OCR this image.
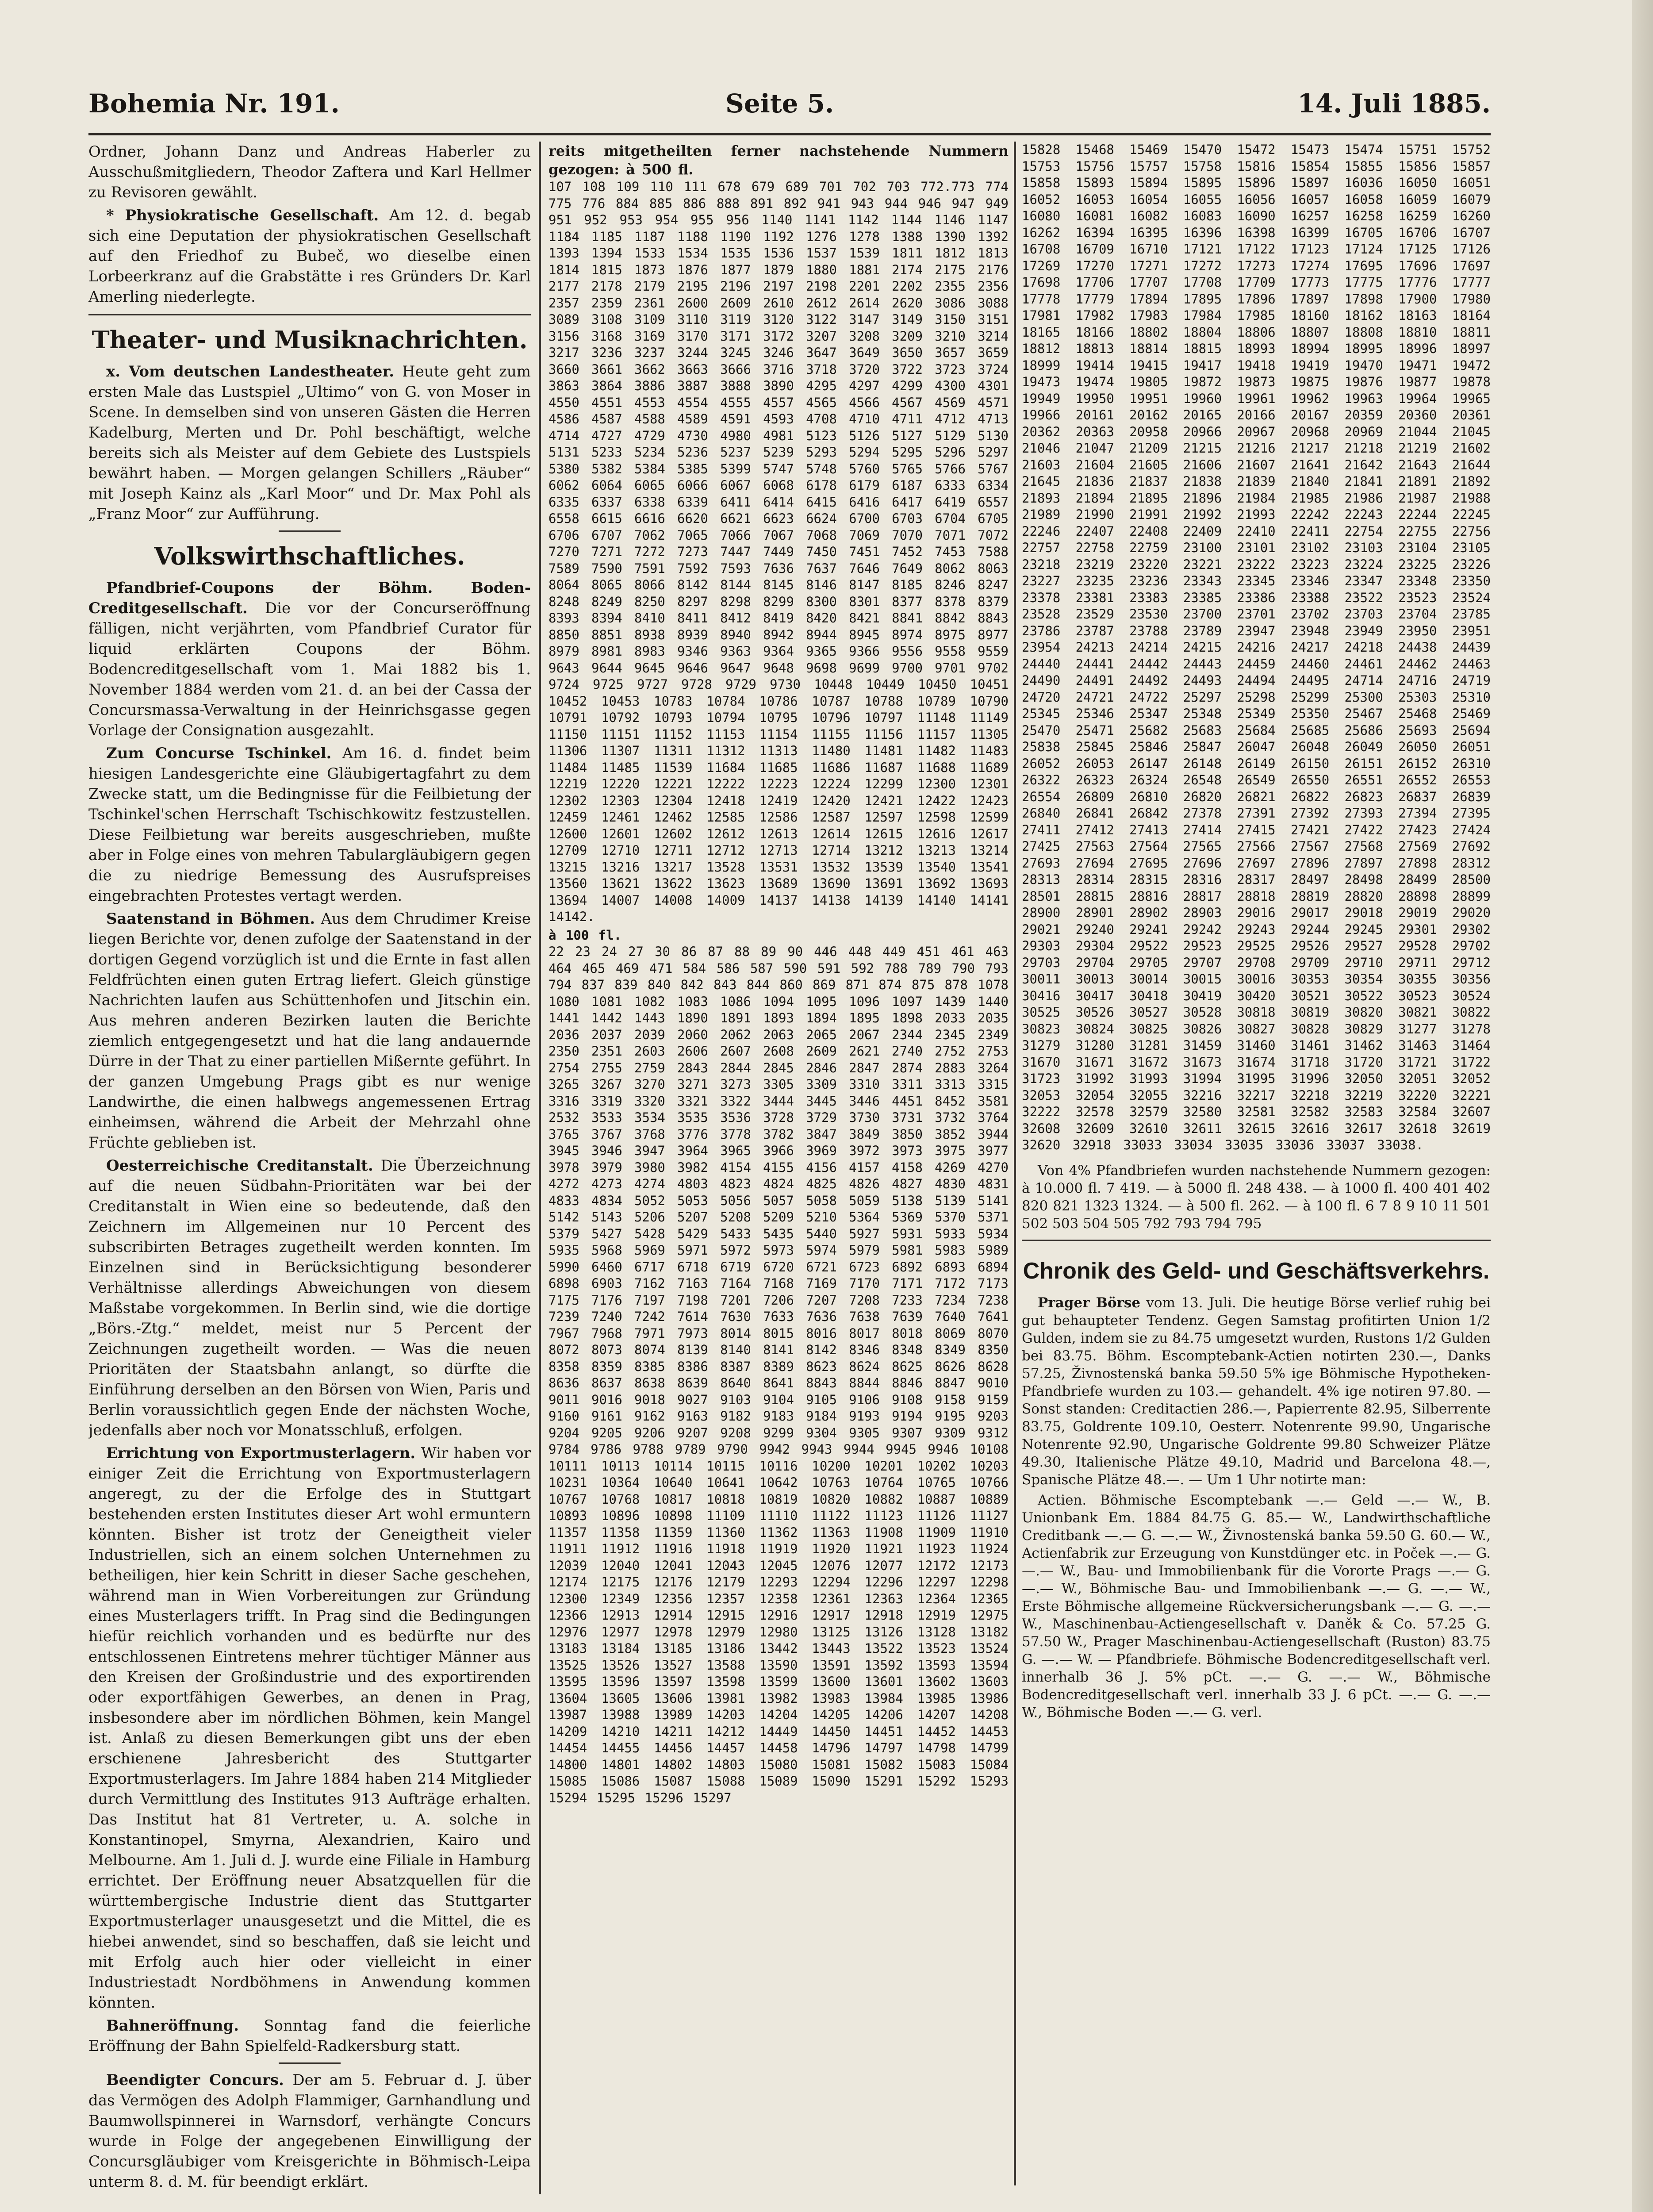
Bohemia Nr. 191.	Seite 5.	14. Juli 1885.

Ordner, Johann Danz und Andreas Haberler zu Ausschußmitgliedern, Theodor Zaftera und Karl Hellmer zu Revisoren gewählt.

* Physiokratische Gesellschaft. Am 12. d. begab sich eine Deputation der physiokratischen Gesellschaft auf den Friedhof zu Bubeč, wo dieselbe einen Lorbeerkranz auf die Grabstätte i res Gründers Dr. Karl Amerling niederlegte.

Theater- und Musiknachrichten.

x. Vom deutschen Landestheater. Heute geht zum ersten Male das Lustspiel „Ultimo“ von G. von Moser in Scene. In demselben sind von unseren Gästen die Herren Kadelburg, Merten und Dr. Pohl beschäftigt, welche bereits sich als Meister auf dem Gebiete des Lustspiels bewährt haben. — Morgen gelangen Schillers „Räuber“ mit Joseph Kainz als „Karl Moor“ und Dr. Max Pohl als „Franz Moor“ zur Aufführung.

Volkswirthschaftliches.

Pfandbrief-Coupons der Böhm. Boden-Creditgesellschaft. Die vor der Concurseröffnung fälligen, nicht verjährten, vom Pfandbrief Curator für liquid erklärten Coupons der Böhm. Bodencreditgesellschaft vom 1. Mai 1882 bis 1. November 1884 werden vom 21. d. an bei der Cassa der Concursmassa-Verwaltung in der Heinrichsgasse gegen Vorlage der Consignation ausgezahlt.

Zum Concurse Tschinkel. Am 16. d. findet beim hiesigen Landesgerichte eine Gläubigertagfahrt zu dem Zwecke statt, um die Bedingnisse für die Feilbietung der Tschinkel'schen Herrschaft Tschischkowitz festzustellen. Diese Feilbietung war bereits ausgeschrieben, mußte aber in Folge eines von mehren Tabulargläubigern gegen die zu niedrige Bemessung des Ausrufspreises eingebrachten Protestes vertagt werden.

Saatenstand in Böhmen. Aus dem Chrudimer Kreise liegen Berichte vor, denen zufolge der Saatenstand in der dortigen Gegend vorzüglich ist und die Ernte in fast allen Feldfrüchten einen guten Ertrag liefert. Gleich günstige Nachrichten laufen aus Schüttenhofen und Jitschin ein. Aus mehren anderen Bezirken lauten die Berichte ziemlich entgegengesetzt und hat die lang andauernde Dürre in der That zu einer partiellen Mißernte geführt. In der ganzen Umgebung Prags gibt es nur wenige Landwirthe, die einen halbwegs angemessenen Ertrag einheimsen, während die Arbeit der Mehrzahl ohne Früchte geblieben ist.

Oesterreichische Creditanstalt. Die Überzeichnung auf die neuen Südbahn-Prioritäten war bei der Creditanstalt in Wien eine so bedeutende, daß den Zeichnern im Allgemeinen nur 10 Percent des subscribirten Betrages zugetheilt werden konnten. Im Einzelnen sind in Berücksichtigung besonderer Verhältnisse allerdings Abweichungen von diesem Maßstabe vorgekommen. In Berlin sind, wie die dortige „Börs.-Ztg.“ meldet, meist nur 5 Percent der Zeichnungen zugetheilt worden. — Was die neuen Prioritäten der Staatsbahn anlangt, so dürfte die Einführung derselben an den Börsen von Wien, Paris und Berlin voraussichtlich gegen Ende der nächsten Woche, jedenfalls aber noch vor Monatsschluß, erfolgen.

Errichtung von Exportmusterlagern. Wir haben vor einiger Zeit die Errichtung von Exportmusterlagern angeregt, zu der die Erfolge des in Stuttgart bestehenden ersten Institutes dieser Art wohl ermuntern könnten. Bisher ist trotz der Geneigtheit vieler Industriellen, sich an einem solchen Unternehmen zu betheiligen, hier kein Schritt in dieser Sache geschehen, während man in Wien Vorbereitungen zur Gründung eines Musterlagers trifft. In Prag sind die Bedingungen hiefür reichlich vorhanden und es bedürfte nur des entschlossenen Eintretens mehrer tüchtiger Männer aus den Kreisen der Großindustrie und des exportirenden oder exportfähigen Gewerbes, an denen in Prag, insbesondere aber im nördlichen Böhmen, kein Mangel ist. Anlaß zu diesen Bemerkungen gibt uns der eben erschienene Jahresbericht des Stuttgarter Exportmusterlagers. Im Jahre 1884 haben 214 Mitglieder durch Vermittlung des Institutes 913 Aufträge erhalten. Das Institut hat 81 Vertreter, u. A. solche in Konstantinopel, Smyrna, Alexandrien, Kairo und Melbourne. Am 1. Juli d. J. wurde eine Filiale in Hamburg errichtet. Der Eröffnung neuer Absatzquellen für die württembergische Industrie dient das Stuttgarter Exportmusterlager unausgesetzt und die Mittel, die es hiebei anwendet, sind so beschaffen, daß sie leicht und mit Erfolg auch hier oder vielleicht in einer Industriestadt Nordböhmens in Anwendung kommen könnten.

Bahneröffnung. Sonntag fand die feierliche Eröffnung der Bahn Spielfeld-Radkersburg statt.

Beendigter Concurs. Der am 5. Februar d. J. über das Vermögen des Adolph Flammiger, Garnhandlung und Baumwollspinnerei in Warnsdorf, verhängte Concurs wurde in Folge der angegebenen Einwilligung der Concursgläubiger vom Kreisgerichte in Böhmisch-Leipa unterm 8. d. M. für beendigt erklärt.

reits mitgetheilten ferner nachstehende Nummern gezogen: à 500 fl.
107 108 109 110 111 678 679 689 701 702 703 772.773 774 775 776 884 885 886 888 891 892 941 943 944 946 947 949 951 952 953 954 955 956 1140 1141 1142 1144 1146 1147 1184 1185 1187 1188 1190 1192 1276 1278 1388 1390 1392 1393 1394 1533 1534 1535 1536 1537 1539 1811 1812 1813 1814 1815 1873 1876 1877 1879 1880 1881 2174 2175 2176 2177 2178 2179 2195 2196 2197 2198 2201 2202 2355 2356 2357 2359 2361 2600 2609 2610 2612 2614 2620 3086 3088 3089 3108 3109 3110 3119 3120 3122 3147 3149 3150 3151 3156 3168 3169 3170 3171 3172 3207 3208 3209 3210 3214 3217 3236 3237 3244 3245 3246 3647 3649 3650 3657 3659 3660 3661 3662 3663 3666 3716 3718 3720 3722 3723 3724 3863 3864 3886 3887 3888 3890 4295 4297 4299 4300 4301 4550 4551 4553 4554 4555 4557 4565 4566 4567 4569 4571 4586 4587 4588 4589 4591 4593 4708 4710 4711 4712 4713 4714 4727 4729 4730 4980 4981 5123 5126 5127 5129 5130 5131 5233 5234 5236 5237 5239 5293 5294 5295 5296 5297 5380 5382 5384 5385 5399 5747 5748 5760 5765 5766 5767 6062 6064 6065 6066 6067 6068 6178 6179 6187 6333 6334 6335 6337 6338 6339 6411 6414 6415 6416 6417 6419 6557 6558 6615 6616 6620 6621 6623 6624 6700 6703 6704 6705 6706 6707 7062 7065 7066 7067 7068 7069 7070 7071 7072 7270 7271 7272 7273 7447 7449 7450 7451 7452 7453 7588 7589 7590 7591 7592 7593 7636 7637 7646 7649 8062 8063 8064 8065 8066 8142 8144 8145 8146 8147 8185 8246 8247 8248 8249 8250 8297 8298 8299 8300 8301 8377 8378 8379 8393 8394 8410 8411 8412 8419 8420 8421 8841 8842 8843 8850 8851 8938 8939 8940 8942 8944 8945 8974 8975 8977 8979 8981 8983 9346 9363 9364 9365 9366 9556 9558 9559 9643 9644 9645 9646 9647 9648 9698 9699 9700 9701 9702 9724 9725 9727 9728 9729 9730 10448 10449 10450 10451 10452 10453 10783 10784 10786 10787 10788 10789 10790 10791 10792 10793 10794 10795 10796 10797 11148 11149 11150 11151 11152 11153 11154 11155 11156 11157 11305 11306 11307 11311 11312 11313 11480 11481 11482 11483 11484 11485 11539 11684 11685 11686 11687 11688 11689 12219 12220 12221 12222 12223 12224 12299 12300 12301 12302 12303 12304 12418 12419 12420 12421 12422 12423 12459 12461 12462 12585 12586 12587 12597 12598 12599 12600 12601 12602 12612 12613 12614 12615 12616 12617 12709 12710 12711 12712 12713 12714 13212 13213 13214 13215 13216 13217 13528 13531 13532 13539 13540 13541 13560 13621 13622 13623 13689 13690 13691 13692 13693 13694 14007 14008 14009 14137 14138 14139 14140 14141 14142.
à 100 fl.
22 23 24 27 30 86 87 88 89 90 446 448 449 451 461 463 464 465 469 471 584 586 587 590 591 592 788 789 790 793 794 837 839 840 842 843 844 860 869 871 874 875 878 1078 1080 1081 1082 1083 1086 1094 1095 1096 1097 1439 1440 1441 1442 1443 1890 1891 1893 1894 1895 1898 2033 2035 2036 2037 2039 2060 2062 2063 2065 2067 2344 2345 2349 2350 2351 2603 2606 2607 2608 2609 2621 2740 2752 2753 2754 2755 2759 2843 2844 2845 2846 2847 2874 2883 3264 3265 3267 3270 3271 3273 3305 3309 3310 3311 3313 3315 3316 3319 3320 3321 3322 3444 3445 3446 4451 8452 3581 2532 3533 3534 3535 3536 3728 3729 3730 3731 3732 3764 3765 3767 3768 3776 3778 3782 3847 3849 3850 3852 3944 3945 3946 3947 3964 3965 3966 3969 3972 3973 3975 3977 3978 3979 3980 3982 4154 4155 4156 4157 4158 4269 4270 4272 4273 4274 4803 4823 4824 4825 4826 4827 4830 4831 4833 4834 5052 5053 5056 5057 5058 5059 5138 5139 5141 5142 5143 5206 5207 5208 5209 5210 5364 5369 5370 5371 5379 5427 5428 5429 5433 5435 5440 5927 5931 5933 5934 5935 5968 5969 5971 5972 5973 5974 5979 5981 5983 5989 5990 6460 6717 6718 6719 6720 6721 6723 6892 6893 6894 6898 6903 7162 7163 7164 7168 7169 7170 7171 7172 7173 7175 7176 7197 7198 7201 7206 7207 7208 7233 7234 7238 7239 7240 7242 7614 7630 7633 7636 7638 7639 7640 7641 7967 7968 7971 7973 8014 8015 8016 8017 8018 8069 8070 8072 8073 8074 8139 8140 8141 8142 8346 8348 8349 8350 8358 8359 8385 8386 8387 8389 8623 8624 8625 8626 8628 8636 8637 8638 8639 8640 8641 8843 8844 8846 8847 9010 9011 9016 9018 9027 9103 9104 9105 9106 9108 9158 9159 9160 9161 9162 9163 9182 9183 9184 9193 9194 9195 9203 9204 9205 9206 9207 9208 9299 9304 9305 9307 9309 9312 9784 9786 9788 9789 9790 9942 9943 9944 9945 9946 10108 10111 10113 10114 10115 10116 10200 10201 10202 10203 10231 10364 10640 10641 10642 10763 10764 10765 10766 10767 10768 10817 10818 10819 10820 10882 10887 10889 10893 10896 10898 11109 11110 11122 11123 11126 11127 11357 11358 11359 11360 11362 11363 11908 11909 11910 11911 11912 11916 11918 11919 11920 11921 11923 11924 12039 12040 12041 12043 12045 12076 12077 12172 12173 12174 12175 12176 12179 12293 12294 12296 12297 12298 12300 12349 12356 12357 12358 12361 12363 12364 12365 12366 12913 12914 12915 12916 12917 12918 12919 12975 12976 12977 12978 12979 12980 13125 13126 13128 13182 13183 13184 13185 13186 13442 13443 13522 13523 13524 13525 13526 13527 13588 13590 13591 13592 13593 13594 13595 13596 13597 13598 13599 13600 13601 13602 13603 13604 13605 13606 13981 13982 13983 13984 13985 13986 13987 13988 13989 14203 14204 14205 14206 14207 14208 14209 14210 14211 14212 14449 14450 14451 14452 14453 14454 14455 14456 14457 14458 14796 14797 14798 14799 14800 14801 14802 14803 15080 15081 15082 15083 15084 15085 15086 15087 15088 15089 15090 15291 15292 15293 15294 15295 15296 15297
15828 15468 15469 15470 15472 15473 15474 15751 15752 15753 15756 15757 15758 15816 15854 15855 15856 15857 15858 15893 15894 15895 15896 15897 16036 16050 16051 16052 16053 16054 16055 16056 16057 16058 16059 16079 16080 16081 16082 16083 16090 16257 16258 16259 16260 16262 16394 16395 16396 16398 16399 16705 16706 16707 16708 16709 16710 17121 17122 17123 17124 17125 17126 17269 17270 17271 17272 17273 17274 17695 17696 17697 17698 17706 17707 17708 17709 17773 17775 17776 17777 17778 17779 17894 17895 17896 17897 17898 17900 17980 17981 17982 17983 17984 17985 18160 18162 18163 18164 18165 18166 18802 18804 18806 18807 18808 18810 18811 18812 18813 18814 18815 18993 18994 18995 18996 18997 18999 19414 19415 19417 19418 19419 19470 19471 19472 19473 19474 19805 19872 19873 19875 19876 19877 19878 19949 19950 19951 19960 19961 19962 19963 19964 19965 19966 20161 20162 20165 20166 20167 20359 20360 20361 20362 20363 20958 20966 20967 20968 20969 21044 21045 21046 21047 21209 21215 21216 21217 21218 21219 21602 21603 21604 21605 21606 21607 21641 21642 21643 21644 21645 21836 21837 21838 21839 21840 21841 21891 21892 21893 21894 21895 21896 21984 21985 21986 21987 21988 21989 21990 21991 21992 21993 22242 22243 22244 22245 22246 22407 22408 22409 22410 22411 22754 22755 22756 22757 22758 22759 23100 23101 23102 23103 23104 23105 23218 23219 23220 23221 23222 23223 23224 23225 23226 23227 23235 23236 23343 23345 23346 23347 23348 23350 23378 23381 23383 23385 23386 23388 23522 23523 23524 23528 23529 23530 23700 23701 23702 23703 23704 23785 23786 23787 23788 23789 23947 23948 23949 23950 23951 23954 24213 24214 24215 24216 24217 24218 24438 24439 24440 24441 24442 24443 24459 24460 24461 24462 24463 24490 24491 24492 24493 24494 24495 24714 24716 24719 24720 24721 24722 25297 25298 25299 25300 25303 25310 25345 25346 25347 25348 25349 25350 25467 25468 25469 25470 25471 25682 25683 25684 25685 25686 25693 25694 25838 25845 25846 25847 26047 26048 26049 26050 26051 26052 26053 26147 26148 26149 26150 26151 26152 26310 26322 26323 26324 26548 26549 26550 26551 26552 26553 26554 26809 26810 26820 26821 26822 26823 26837 26839 26840 26841 26842 27378 27391 27392 27393 27394 27395 27411 27412 27413 27414 27415 27421 27422 27423 27424 27425 27563 27564 27565 27566 27567 27568 27569 27692 27693 27694 27695 27696 27697 27896 27897 27898 28312 28313 28314 28315 28316 28317 28497 28498 28499 28500 28501 28815 28816 28817 28818 28819 28820 28898 28899 28900 28901 28902 28903 29016 29017 29018 29019 29020 29021 29240 29241 29242 29243 29244 29245 29301 29302 29303 29304 29522 29523 29525 29526 29527 29528 29702 29703 29704 29705 29707 29708 29709 29710 29711 29712 30011 30013 30014 30015 30016 30353 30354 30355 30356 30416 30417 30418 30419 30420 30521 30522 30523 30524 30525 30526 30527 30528 30818 30819 30820 30821 30822 30823 30824 30825 30826 30827 30828 30829 31277 31278 31279 31280 31281 31459 31460 31461 31462 31463 31464 31670 31671 31672 31673 31674 31718 31720 31721 31722 31723 31992 31993 31994 31995 31996 32050 32051 32052 32053 32054 32055 32216 32217 32218 32219 32220 32221 32222 32578 32579 32580 32581 32582 32583 32584 32607 32608 32609 32610 32611 32615 32616 32617 32618 32619 32620 32918 33033 33034 33035 33036 33037 33038.

Von 4% Pfandbriefen wurden nachstehende Nummern gezogen: à 10.000 fl. 7 419. — à 5000 fl. 248 438. — à 1000 fl. 400 401 402 820 821 1323 1324. — à 500 fl. 262. — à 100 fl. 6 7 8 9 10 11 501 502 503 504 505 792 793 794 795

Chronik des Geld- und Geschäftsverkehrs.

Prager Börse vom 13. Juli. Die heutige Börse verlief ruhig bei gut behaupteter Tendenz. Gegen Samstag profitirten Union 1/2 Gulden, indem sie zu 84.75 umgesetzt wurden, Rustons 1/2 Gulden bei 83.75. Böhm. Escomptebank-Actien notirten 230.—, Danks 57.25, Živnostenská banka 59.50 5% ige Böhmische Hypotheken-Pfandbriefe wurden zu 103.— gehandelt. 4% ige notiren 97.80. — Sonst standen: Creditactien 286.—, Papierrente 82.95, Silberrente 83.75, Goldrente 109.10, Oesterr. Notenrente 99.90, Ungarische Notenrente 92.90, Ungarische Goldrente 99.80 Schweizer Plätze 49.30, Italienische Plätze 49.10, Madrid und Barcelona 48.—, Spanische Plätze 48.—. — Um 1 Uhr notirte man:

Actien. Böhmische Escomptebank —.— Geld —.— W., B. Unionbank Em. 1884 84.75 G. 85.— W., Landwirthschaftliche Creditbank —.— G. —.— W., Živnostenská banka 59.50 G. 60.— W., Actienfabrik zur Erzeugung von Kunstdünger etc. in Poček —.— G. —.— W., Bau- und Immobilienbank für die Vororte Prags —.— G. —.— W., Böhmische Bau- und Immobilienbank —.— G. —.— W., Erste Böhmische allgemeine Rückversicherungsbank —.— G. —.— W., Maschinenbau-Actiengesellschaft v. Daněk & Co. 57.25 G. 57.50 W., Prager Maschinenbau-Actiengesellschaft (Ruston) 83.75 G. —.— W. — Pfandbriefe. Böhmische Bodencreditgesellschaft verl. innerhalb 36 J. 5% pCt. —.— G. —.— W., Böhmische Bodencreditgesellschaft verl. innerhalb 33 J. 6 pCt. —.— G. —.— W., Böhmische Boden —.— G. verl.
